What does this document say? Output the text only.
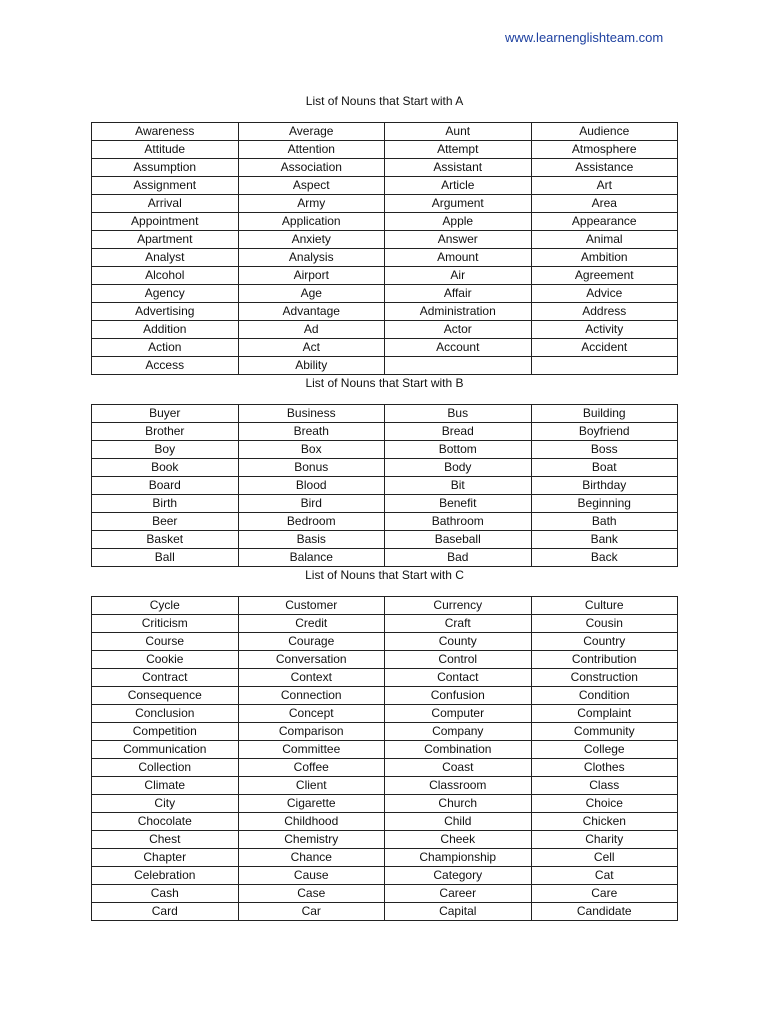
www.learnenglishteam.com
List of Nouns that Start with A
Awareness	Average	Aunt	Audience
Attitude	Attention	Attempt	Atmosphere
Assumption	Association	Assistant	Assistance
Assignment	Aspect	Article	Art
Arrival	Army	Argument	Area
Appointment	Application	Apple	Appearance
Apartment	Anxiety	Answer	Animal
Analyst	Analysis	Amount	Ambition
Alcohol	Airport	Air	Agreement
Agency	Age	Affair	Advice
Advertising	Advantage	Administration	Address
Addition	Ad	Actor	Activity
Action	Act	Account	Accident
Access	Ability		
List of Nouns that Start with B
Buyer	Business	Bus	Building
Brother	Breath	Bread	Boyfriend
Boy	Box	Bottom	Boss
Book	Bonus	Body	Boat
Board	Blood	Bit	Birthday
Birth	Bird	Benefit	Beginning
Beer	Bedroom	Bathroom	Bath
Basket	Basis	Baseball	Bank
Ball	Balance	Bad	Back
List of Nouns that Start with C
Cycle	Customer	Currency	Culture
Criticism	Credit	Craft	Cousin
Course	Courage	County	Country
Cookie	Conversation	Control	Contribution
Contract	Context	Contact	Construction
Consequence	Connection	Confusion	Condition
Conclusion	Concept	Computer	Complaint
Competition	Comparison	Company	Community
Communication	Committee	Combination	College
Collection	Coffee	Coast	Clothes
Climate	Client	Classroom	Class
City	Cigarette	Church	Choice
Chocolate	Childhood	Child	Chicken
Chest	Chemistry	Cheek	Charity
Chapter	Chance	Championship	Cell
Celebration	Cause	Category	Cat
Cash	Case	Career	Care
Card	Car	Capital	Candidate
